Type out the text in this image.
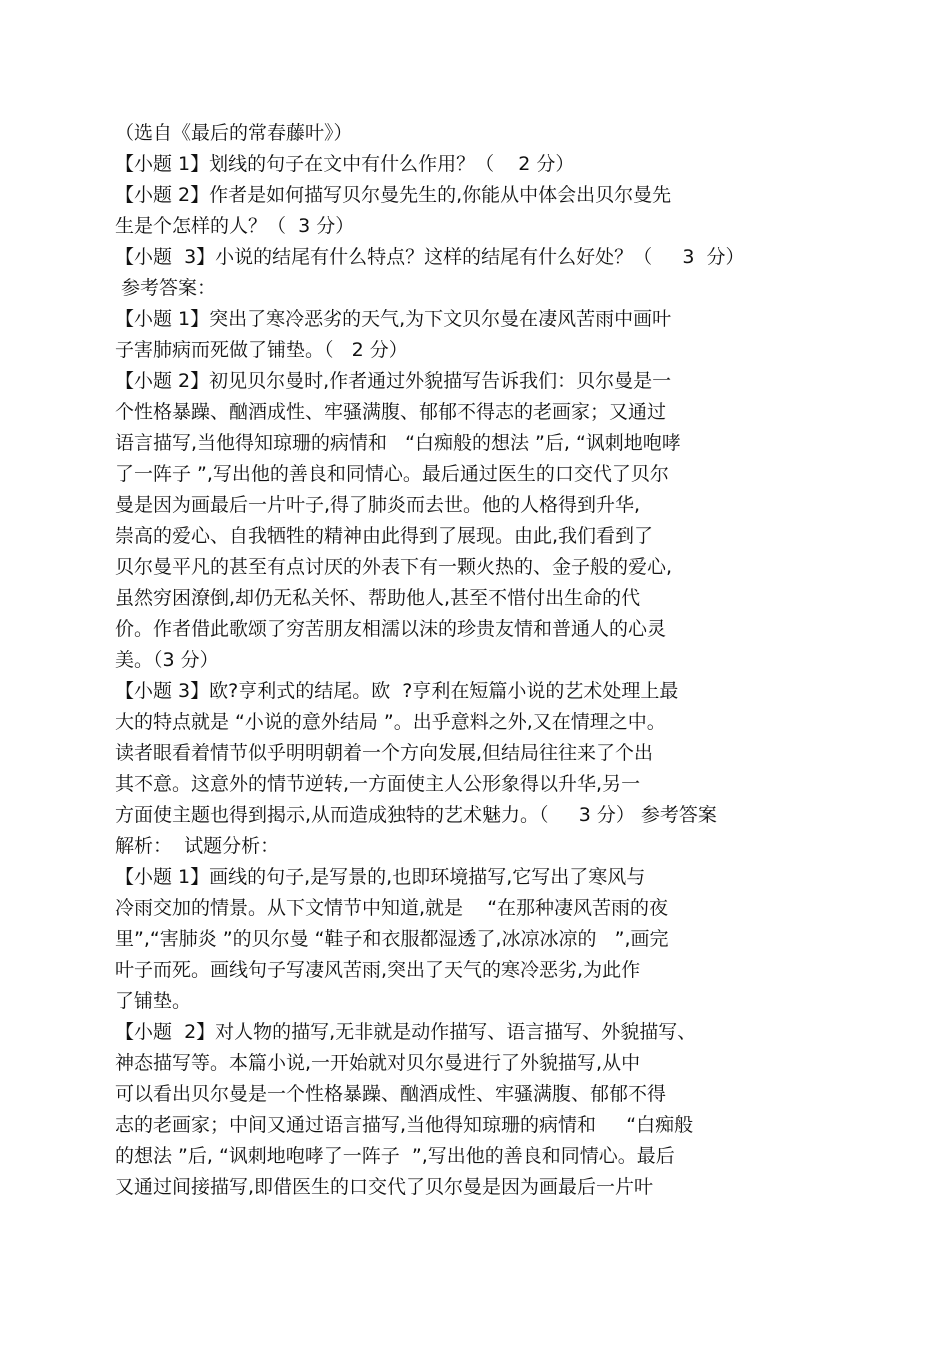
（选自《最后的常春藤叶》）
【小题 1】划线的句子在文中有什么作用？（    2 分）
【小题 2】作者是如何描写贝尔曼先生的,你能从中体会出贝尔曼先
生是个怎样的人？（  3 分）
【小题  3】小说的结尾有什么特点？这样的结尾有什么好处？（     3  分）
参考答案：
【小题 1】突出了寒冷恶劣的天气,为下文贝尔曼在凄风苦雨中画叶
子害肺病而死做了铺垫。（   2 分）
【小题 2】初见贝尔曼时,作者通过外貌描写告诉我们：贝尔曼是一
个性格暴躁、酗酒成性、牢骚满腹、郁郁不得志的老画家；又通过
语言描写,当他得知琼珊的病情和   “白痴般的想法 ”后, “讽刺地咆哮
了一阵子 ”,写出他的善良和同情心。最后通过医生的口交代了贝尔
曼是因为画最后一片叶子,得了肺炎而去世。他的人格得到升华,
崇高的爱心、自我牺牲的精神由此得到了展现。由此,我们看到了
贝尔曼平凡的甚至有点讨厌的外表下有一颗火热的、金子般的爱心,
虽然穷困潦倒,却仍无私关怀、帮助他人,甚至不惜付出生命的代
价。作者借此歌颂了穷苦朋友相濡以沫的珍贵友情和普通人的心灵
美。（3 分）
【小题 3】欧?亨利式的结尾。欧  ?亨利在短篇小说的艺术处理上最
大的特点就是 “小说的意外结局 ”。出乎意料之外,又在情理之中。
读者眼看着情节似乎明明朝着一个方向发展,但结局往往来了个出
其不意。这意外的情节逆转,一方面使主人公形象得以升华,另一
方面使主题也得到揭示,从而造成独特的艺术魅力。（     3 分） 参考答案
解析：  试题分析：
【小题 1】画线的句子,是写景的,也即环境描写,它写出了寒风与
冷雨交加的情景。从下文情节中知道,就是    “在那种凄风苦雨的夜
里”,“害肺炎 ”的贝尔曼 “鞋子和衣服都湿透了,冰凉冰凉的   ”,画完
叶子而死。画线句子写凄风苦雨,突出了天气的寒冷恶劣,为此作
了铺垫。
【小题  2】对人物的描写,无非就是动作描写、语言描写、外貌描写、
神态描写等。本篇小说,一开始就对贝尔曼进行了外貌描写,从中
可以看出贝尔曼是一个性格暴躁、酗酒成性、牢骚满腹、郁郁不得
志的老画家；中间又通过语言描写,当他得知琼珊的病情和     “白痴般
的想法 ”后, “讽刺地咆哮了一阵子  ”,写出他的善良和同情心。最后
又通过间接描写,即借医生的口交代了贝尔曼是因为画最后一片叶
